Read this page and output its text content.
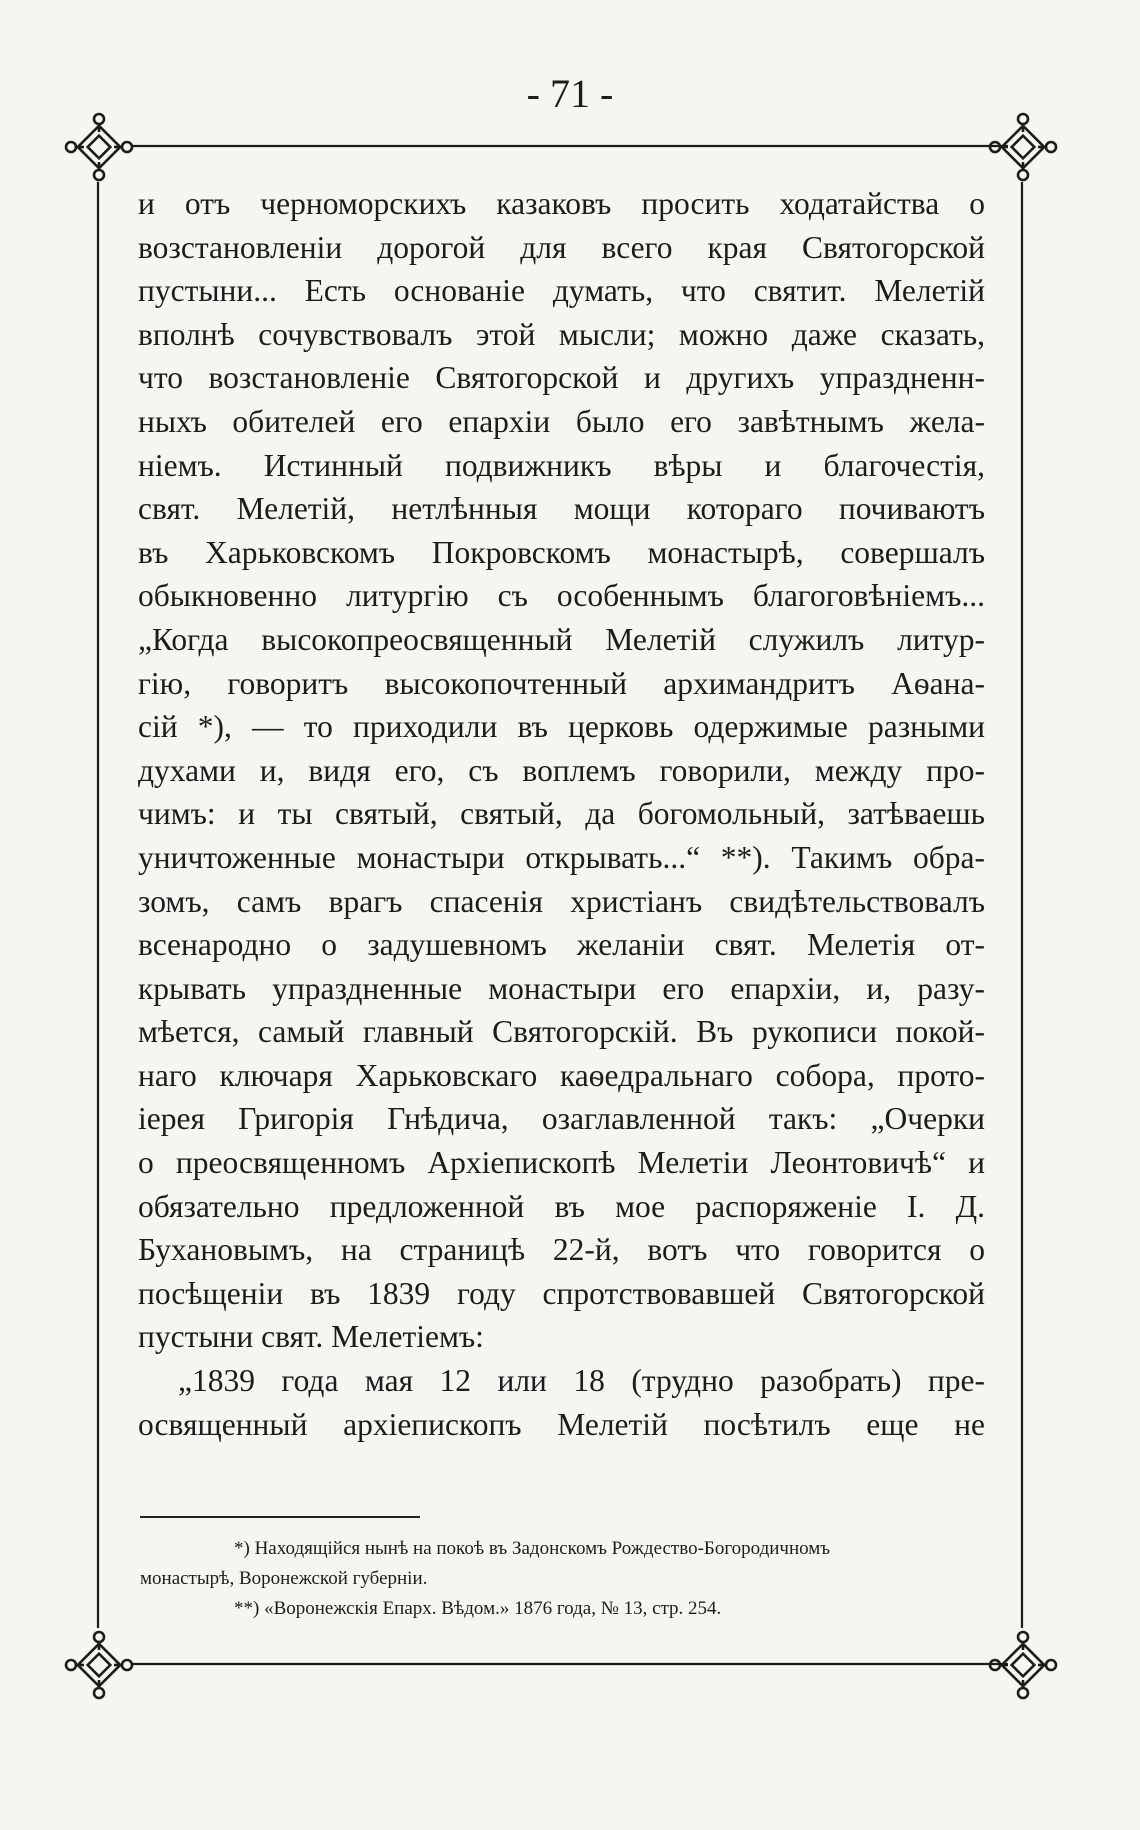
- 71 -
и отъ черноморскихъ казаковъ просить ходатайства о
возстановленіи дорогой для всего края Святогорской
пустыни... Есть основаніе думать, что святит. Мелетій
вполнѣ сочувствовалъ этой мысли; можно даже сказать,
что возстановленіе Святогорской и другихъ упраздненн-
ныхъ обителей его епархіи было его завѣтнымъ жела-
ніемъ. Истинный подвижникъ вѣры и благочестія,
свят. Мелетій, нетлѣнныя мощи котораго почиваютъ
въ Харьковскомъ Покровскомъ монастырѣ, совершалъ
обыкновенно литургію съ особеннымъ благоговѣніемъ...
„Когда высокопреосвященный Мелетій служилъ литур-
гію, говоритъ высокопочтенный архимандритъ Аѳана-
сій *), — то приходили въ церковь одержимые разными
духами и, видя его, съ воплемъ говорили, между про-
чимъ: и ты святый, святый, да богомольный, затѣваешь
уничтоженные монастыри открывать...“ **). Такимъ обра-
зомъ, самъ врагъ спасенія христіанъ свидѣтельствовалъ
всенародно о задушевномъ желаніи свят. Мелетія от-
крывать упраздненные монастыри его епархіи, и, разу-
мѣется, самый главный Святогорскій. Въ рукописи покой-
наго ключаря Харьковскаго каѳедральнаго собора, прото-
іерея Григорія Гнѣдича, озаглавленной такъ: „Очерки
о преосвященномъ Архіепископѣ Мелетіи Леонтовичѣ“ и
обязательно предложенной въ мое распоряженіе І. Д.
Бухановымъ, на страницѣ 22-й, вотъ что говорится о
посѣщеніи въ 1839 году спротствовавшей Святогорской
пустыни свят. Мелетіемъ:
„1839 года мая 12 или 18 (трудно разобрать) пре-
освященный архіепископъ Мелетій посѣтилъ еще не
*) Находящійся нынѣ на покоѣ въ Задонскомъ Рождество-Богородичномъ
монастырѣ, Воронежской губерніи.
**) «Воронежскія Епарх. Вѣдом.» 1876 года, № 13, стр. 254.
